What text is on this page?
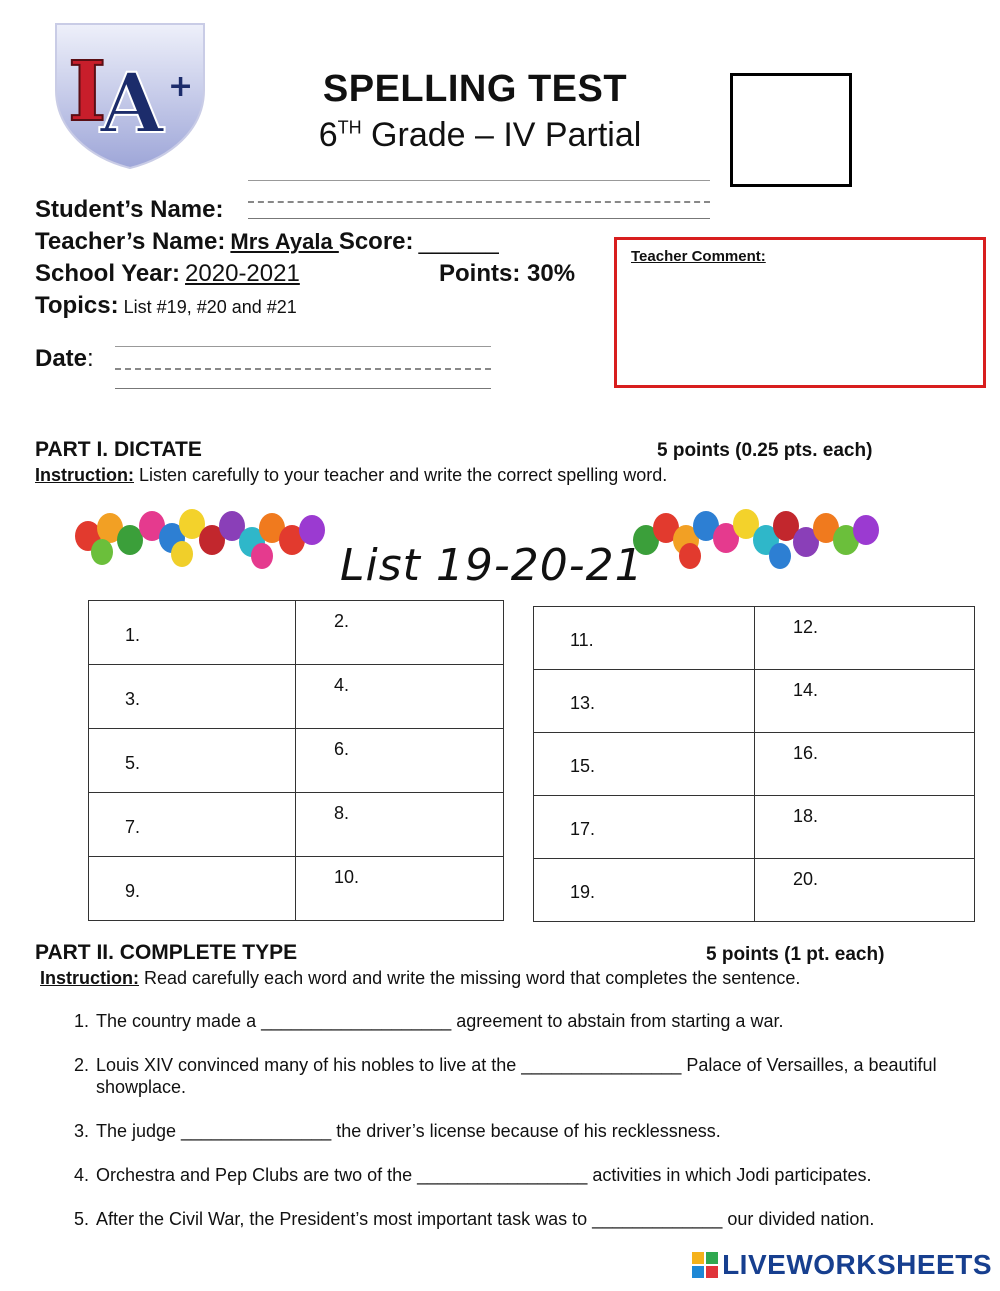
I
A +	SPELLING TEST
6TH Grade – IV Partial
Student’s Name:
Teacher’s Name: Mrs Ayala Score: ______
School Year: 2020-2021	Points: 30%
Topics: List #19, #20 and #21
Date:
Teacher Comment:
PART I. DICTATE	5 points (0.25 pts. each)
Instruction: Listen carefully to your teacher and write the correct spelling word.
List 19-20-21
1.	2.

3.	4.

5.	6.

7.	8.

9.	10.
11.	12.

13.	14.

15.	16.

17.	18.

19.	20.
PART II. COMPLETE TYPE	5 points (1 pt. each)
Instruction: Read carefully each word and write the missing word that completes the sentence.
1. The country made a ___________________ agreement to abstain from starting a war.
2. Louis XIV convinced many of his nobles to live at the ________________ Palace of Versailles, a beautiful showplace.
3. The judge _______________ the driver’s license because of his recklessness.
4. Orchestra and Pep Clubs are two of the _________________ activities in which Jodi participates.
5. After the Civil War, the President’s most important task was to _____________ our divided nation.
LIVEWORKSHEETS
